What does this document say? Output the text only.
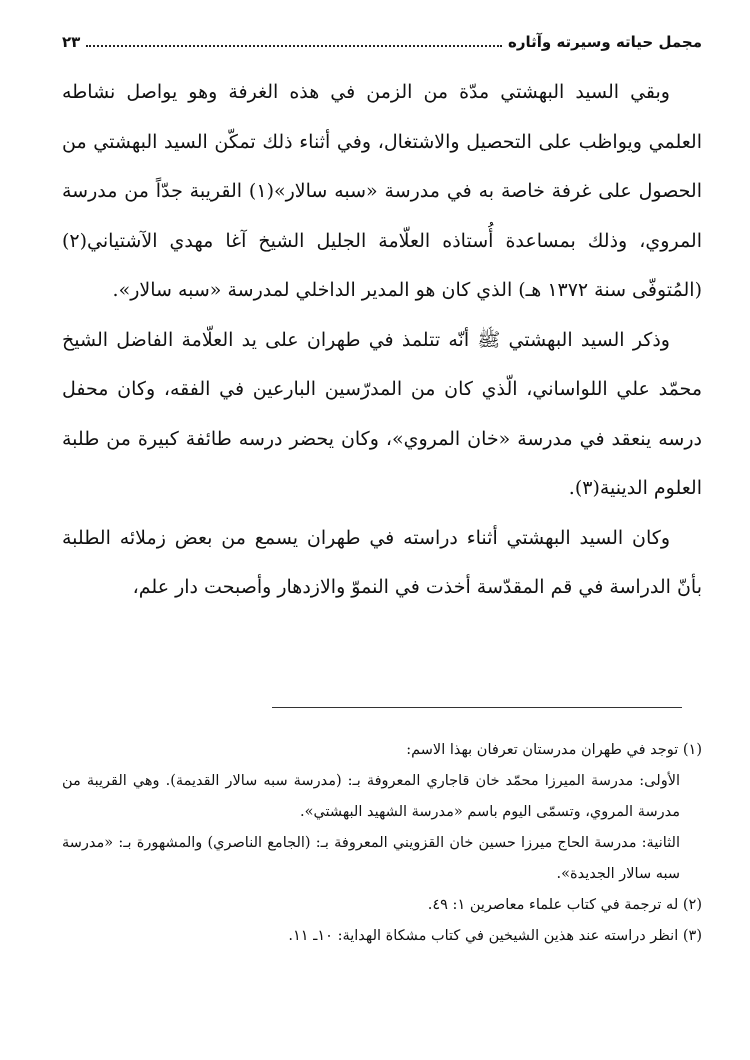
مجمل حياته وسيرته وآثاره
٢٣

وبقي السيد البهشتي مدّة من الزمن في هذه الغرفة وهو يواصل نشاطه العلمي ويواظب على التحصيل والاشتغال، وفي أثناء ذلك تمكّن السيد البهشتي من الحصول على غرفة خاصة به في مدرسة «سبه سالار»(١) القريبة جدّاً من مدرسة المروي، وذلك بمساعدة أُستاذه العلّامة الجليل الشيخ آغا مهدي الآشتياني(٢) (المُتوفّى سنة ١٣٧٢ هـ) الذي كان هو المدير الداخلي لمدرسة «سبه سالار».

وذكر السيد البهشتي ﷺ أنّه تتلمذ في طهران على يد العلّامة الفاضل الشيخ محمّد علي اللواساني، الّذي كان من المدرّسين البارعين في الفقه، وكان محفل درسه ينعقد في مدرسة «خان المروي»، وكان يحضر درسه طائفة كبيرة من طلبة العلوم الدينية(٣).

وكان السيد البهشتي أثناء دراسته في طهران يسمع من بعض زملائه الطلبة بأنّ الدراسة في قم المقدّسة أخذت في النموّ والازدهار وأصبحت دار علم،

(١) توجد في طهران مدرستان تعرفان بهذا الاسم:

الأولى: مدرسة الميرزا محمّد خان قاجاري المعروفة بـ: (مدرسة سبه سالار القديمة). وهي القريبة من مدرسة المروي، وتسمّى اليوم باسم «مدرسة الشهيد البهشتي».

الثانية: مدرسة الحاج ميرزا حسين خان القزويني المعروفة بـ: (الجامع الناصري) والمشهورة بـ: «مدرسة سبه سالار الجديدة».

(٢) له ترجمة في كتاب علماء معاصرين ١: ٤٩.

(٣) انظر دراسته عند هذين الشيخين في كتاب مشكاة الهداية: ١٠ـ ١١.
